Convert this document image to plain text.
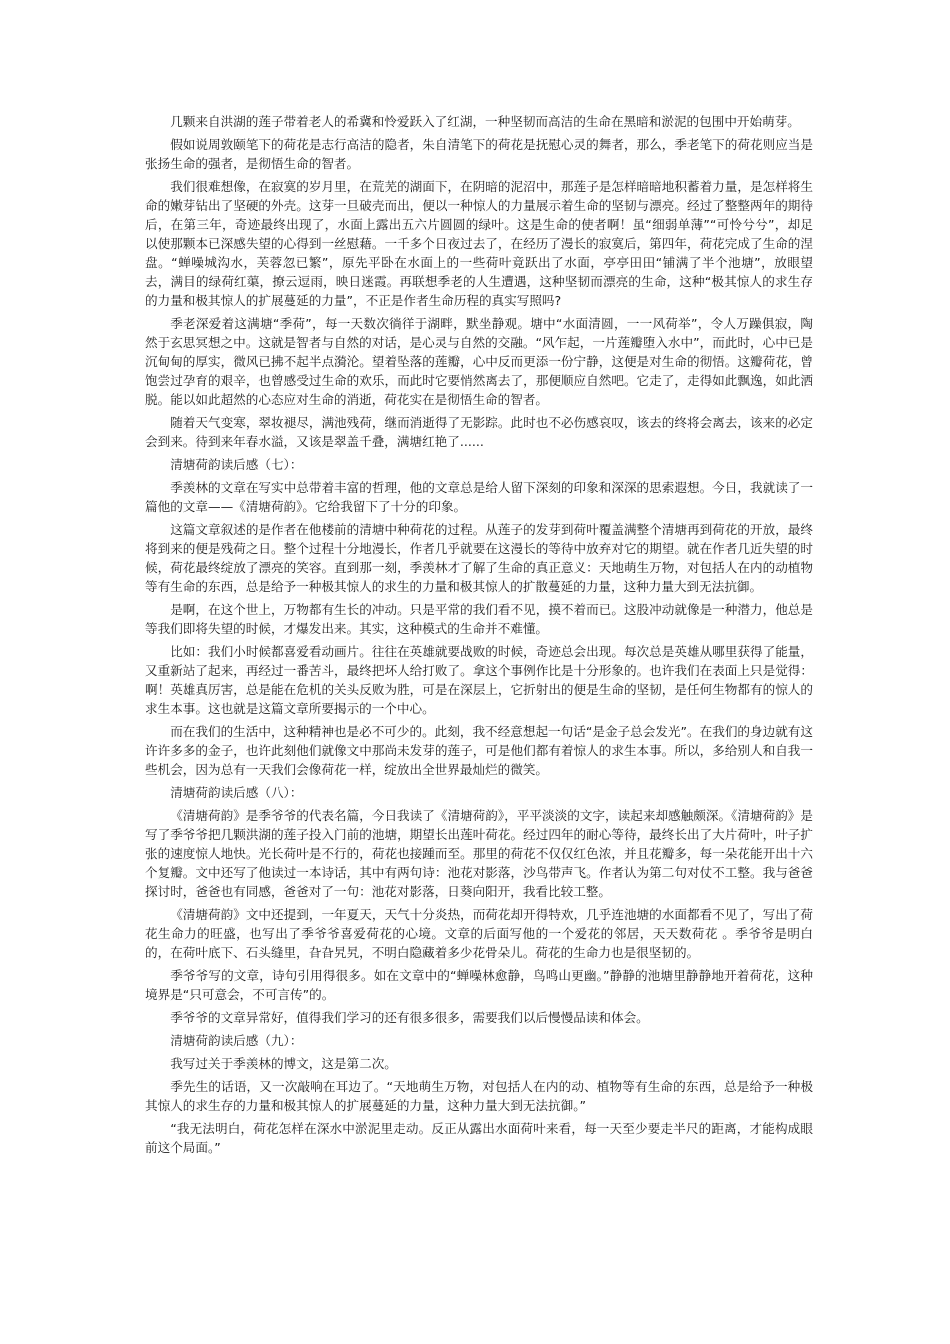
几颗来自洪湖的莲子带着老人的希冀和怜爱跃入了红湖，一种坚韧而高洁的生命在黑暗和淤泥的包围中开始萌芽。

假如说周敦颐笔下的荷花是志行高洁的隐者，朱自清笔下的荷花是抚慰心灵的舞者，那么，季老笔下的荷花则应当是张扬生命的强者，是彻悟生命的智者。

我们很难想像，在寂寞的岁月里，在荒芜的湖面下，在阴暗的泥沼中，那莲子是怎样暗暗地积蓄着力量，是怎样将生命的嫩芽钻出了坚硬的外壳。这芽一旦破壳而出，便以一种惊人的力量展示着生命的坚韧与漂亮。经过了整整两年的期待后，在第三年，奇迹最终出现了，水面上露出五六片圆圆的绿叶。这是生命的使者啊！虽“细弱单薄”“可怜兮兮”，却足以使那颗本已深感失望的心得到一丝慰藉。一千多个日夜过去了，在经历了漫长的寂寞后，第四年，荷花完成了生命的涅盘。“蝉噪城沟水，芙蓉忽已繁”，原先平卧在水面上的一些荷叶竟跃出了水面，亭亭田田“铺满了半个池塘”，放眼望去，满目的绿荷红蕖，撩云逗雨，映日迷霞。再联想季老的人生遭遇，这种坚韧而漂亮的生命，这种“极其惊人的求生存的力量和极其惊人的扩展蔓延的力量”，不正是作者生命历程的真实写照吗?

季老深爱着这满塘“季荷”，每一天数次徜徉于湖畔，默坐静观。塘中“水面清圆，一一风荷举”，令人万躁俱寂，陶然于玄思冥想之中。这就是智者与自然的对话，是心灵与自然的交融。“风乍起，一片莲瓣堕入水中”，而此时，心中已是沉甸甸的厚实，微风已拂不起半点漪沦。望着坠落的莲瓣，心中反而更添一份宁静，这便是对生命的彻悟。这瓣荷花，曾饱尝过孕育的艰辛，也曾感受过生命的欢乐，而此时它要悄然离去了，那便顺应自然吧。它走了，走得如此飘逸，如此洒脱。能以如此超然的心态应对生命的消逝，荷花实在是彻悟生命的智者。

随着天气变寒，翠妆褪尽，满池残荷，继而消逝得了无影踪。此时也不必伤感哀叹，该去的终将会离去，该来的必定会到来。待到来年春水溢，又该是翠盖千叠，满塘红艳了......

清塘荷韵读后感（七）：

季羡林的文章在写实中总带着丰富的哲理，他的文章总是给人留下深刻的印象和深深的思索遐想。今日，我就读了一篇他的文章——《清塘荷韵》。它给我留下了十分的印象。

这篇文章叙述的是作者在他楼前的清塘中种荷花的过程。从莲子的发芽到荷叶覆盖满整个清塘再到荷花的开放，最终将到来的便是残荷之日。整个过程十分地漫长，作者几乎就要在这漫长的等待中放弃对它的期望。就在作者几近失望的时候，荷花最终绽放了漂亮的笑容。直到那一刻，季羡林才了解了生命的真正意义：天地萌生万物，对包括人在内的动植物等有生命的东西，总是给予一种极其惊人的求生的力量和极其惊人的扩散蔓延的力量，这种力量大到无法抗御。

是啊，在这个世上，万物都有生长的冲动。只是平常的我们看不见，摸不着而已。这股冲动就像是一种潜力，他总是等我们即将失望的时候，才爆发出来。其实，这种模式的生命并不难懂。

比如：我们小时候都喜爱看动画片。往往在英雄就要战败的时候，奇迹总会出现。每次总是英雄从哪里获得了能量，又重新站了起来，再经过一番苦斗，最终把坏人给打败了。拿这个事例作比是十分形象的。也许我们在表面上只是觉得：啊！英雄真厉害，总是能在危机的关头反败为胜，可是在深层上，它折射出的便是生命的坚韧，是任何生物都有的惊人的求生本事。这也就是这篇文章所要揭示的一个中心。

而在我们的生活中，这种精神也是必不可少的。此刻，我不经意想起一句话“是金子总会发光”。在我们的身边就有这许许多多的金子，也许此刻他们就像文中那尚未发芽的莲子，可是他们都有着惊人的求生本事。所以，多给别人和自我一些机会，因为总有一天我们会像荷花一样，绽放出全世界最灿烂的微笑。

清塘荷韵读后感（八）：

《清塘荷韵》是季爷爷的代表名篇，今日我读了《清塘荷韵》，平平淡淡的文字，读起来却感触颇深。《清塘荷韵》是写了季爷爷把几颗洪湖的莲子投入门前的池塘，期望长出莲叶荷花。经过四年的耐心等待，最终长出了大片荷叶，叶子扩张的速度惊人地快。光长荷叶是不行的，荷花也接踵而至。那里的荷花不仅仅红色浓，并且花瓣多，每一朵花能开出十六个复瓣。文中还写了他读过一本诗话，其中有两句诗：池花对影落，沙鸟带声飞。作者认为第二句对仗不工整。我与爸爸探讨时，爸爸也有同感，爸爸对了一句：池花对影落，日葵向阳开，我看比较工整。

《清塘荷韵》文中还提到，一年夏天，天气十分炎热，而荷花却开得特欢，几乎连池塘的水面都看不见了，写出了荷花生命力的旺盛，也写出了季爷爷喜爱荷花的心境。文章的后面写他的一个爱花的邻居，天天数荷花 。季爷爷是明白的，在荷叶底下、石头缝里，旮旮旯旯，不明白隐藏着多少花骨朵儿。荷花的生命力也是很坚韧的。

季爷爷写的文章，诗句引用得很多。如在文章中的“蝉噪林愈静，鸟鸣山更幽。”静静的池塘里静静地开着荷花，这种境界是“只可意会，不可言传”的。

季爷爷的文章异常好，值得我们学习的还有很多很多，需要我们以后慢慢品读和体会。

清塘荷韵读后感（九）：

我写过关于季羡林的博文，这是第二次。

季先生的话语，又一次敲响在耳边了。“天地萌生万物，对包括人在内的动、植物等有生命的东西，总是给予一种极其惊人的求生存的力量和极其惊人的扩展蔓延的力量，这种力量大到无法抗御。”

“我无法明白，荷花怎样在深水中淤泥里走动。反正从露出水面荷叶来看，每一天至少要走半尺的距离，才能构成眼前这个局面。”
